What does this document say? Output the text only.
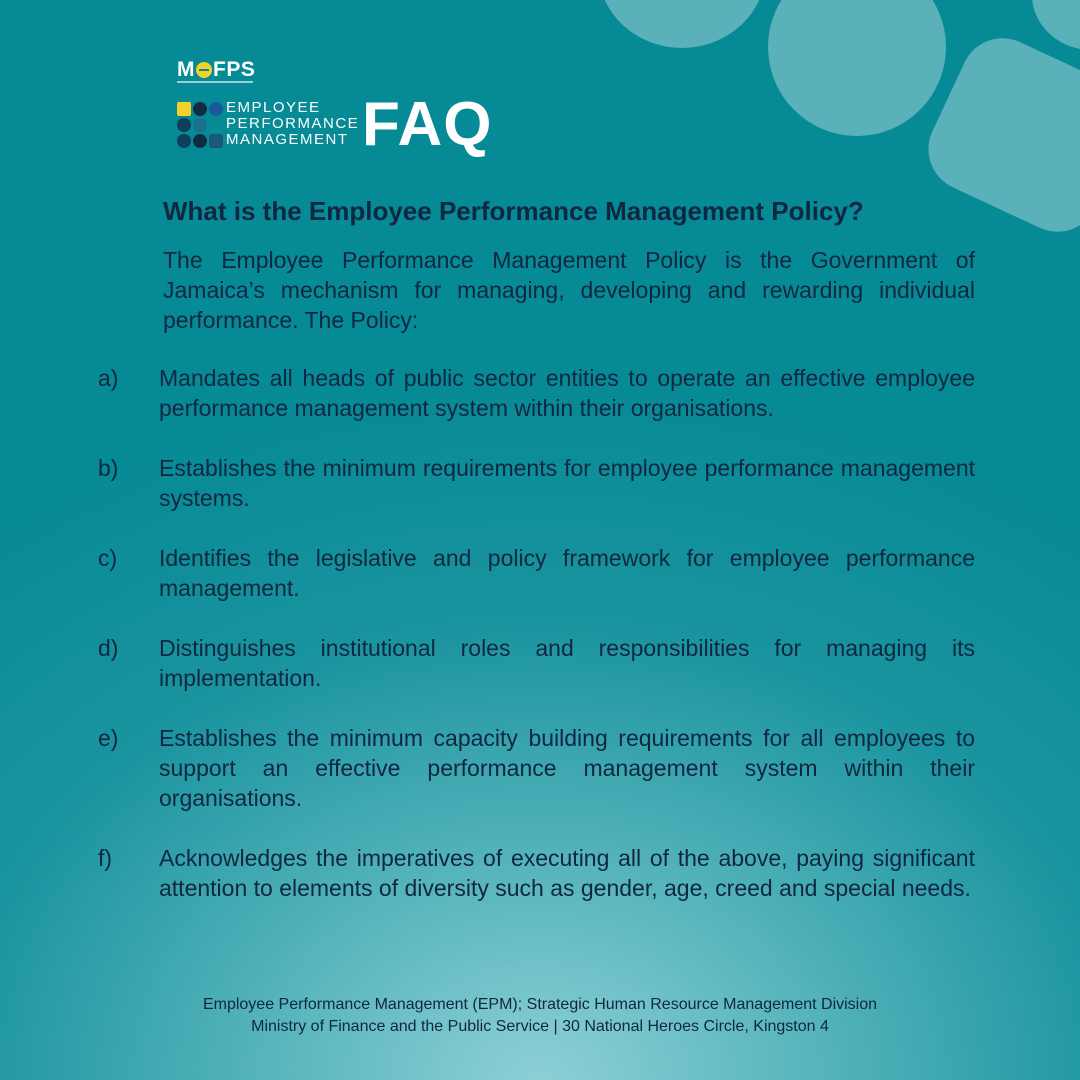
M FPS
EMPLOYEE
PERFORMANCE
MANAGEMENT FAQ
What is the Employee Performance Management Policy?
The Employee Performance Management Policy is the Government of Jamaica’s mechanism for managing, developing and rewarding individual performance. The Policy:
a)	Mandates all heads of public sector entities to operate an effective employee performance management system within their organisations.
b)	Establishes the minimum requirements for employee performance management systems.
c)	Identifies the legislative and policy framework for employee performance management.
d)	Distinguishes institutional roles and responsibilities for managing its implementation.
e)	Establishes the minimum capacity building requirements for all employees to support an effective performance management system within their organisations.
f)	Acknowledges the imperatives of executing all of the above, paying significant attention to elements of diversity such as gender, age, creed and special needs.
Employee Performance Management (EPM); Strategic Human Resource Management Division
Ministry of Finance and the Public Service | 30 National Heroes Circle, Kingston 4
